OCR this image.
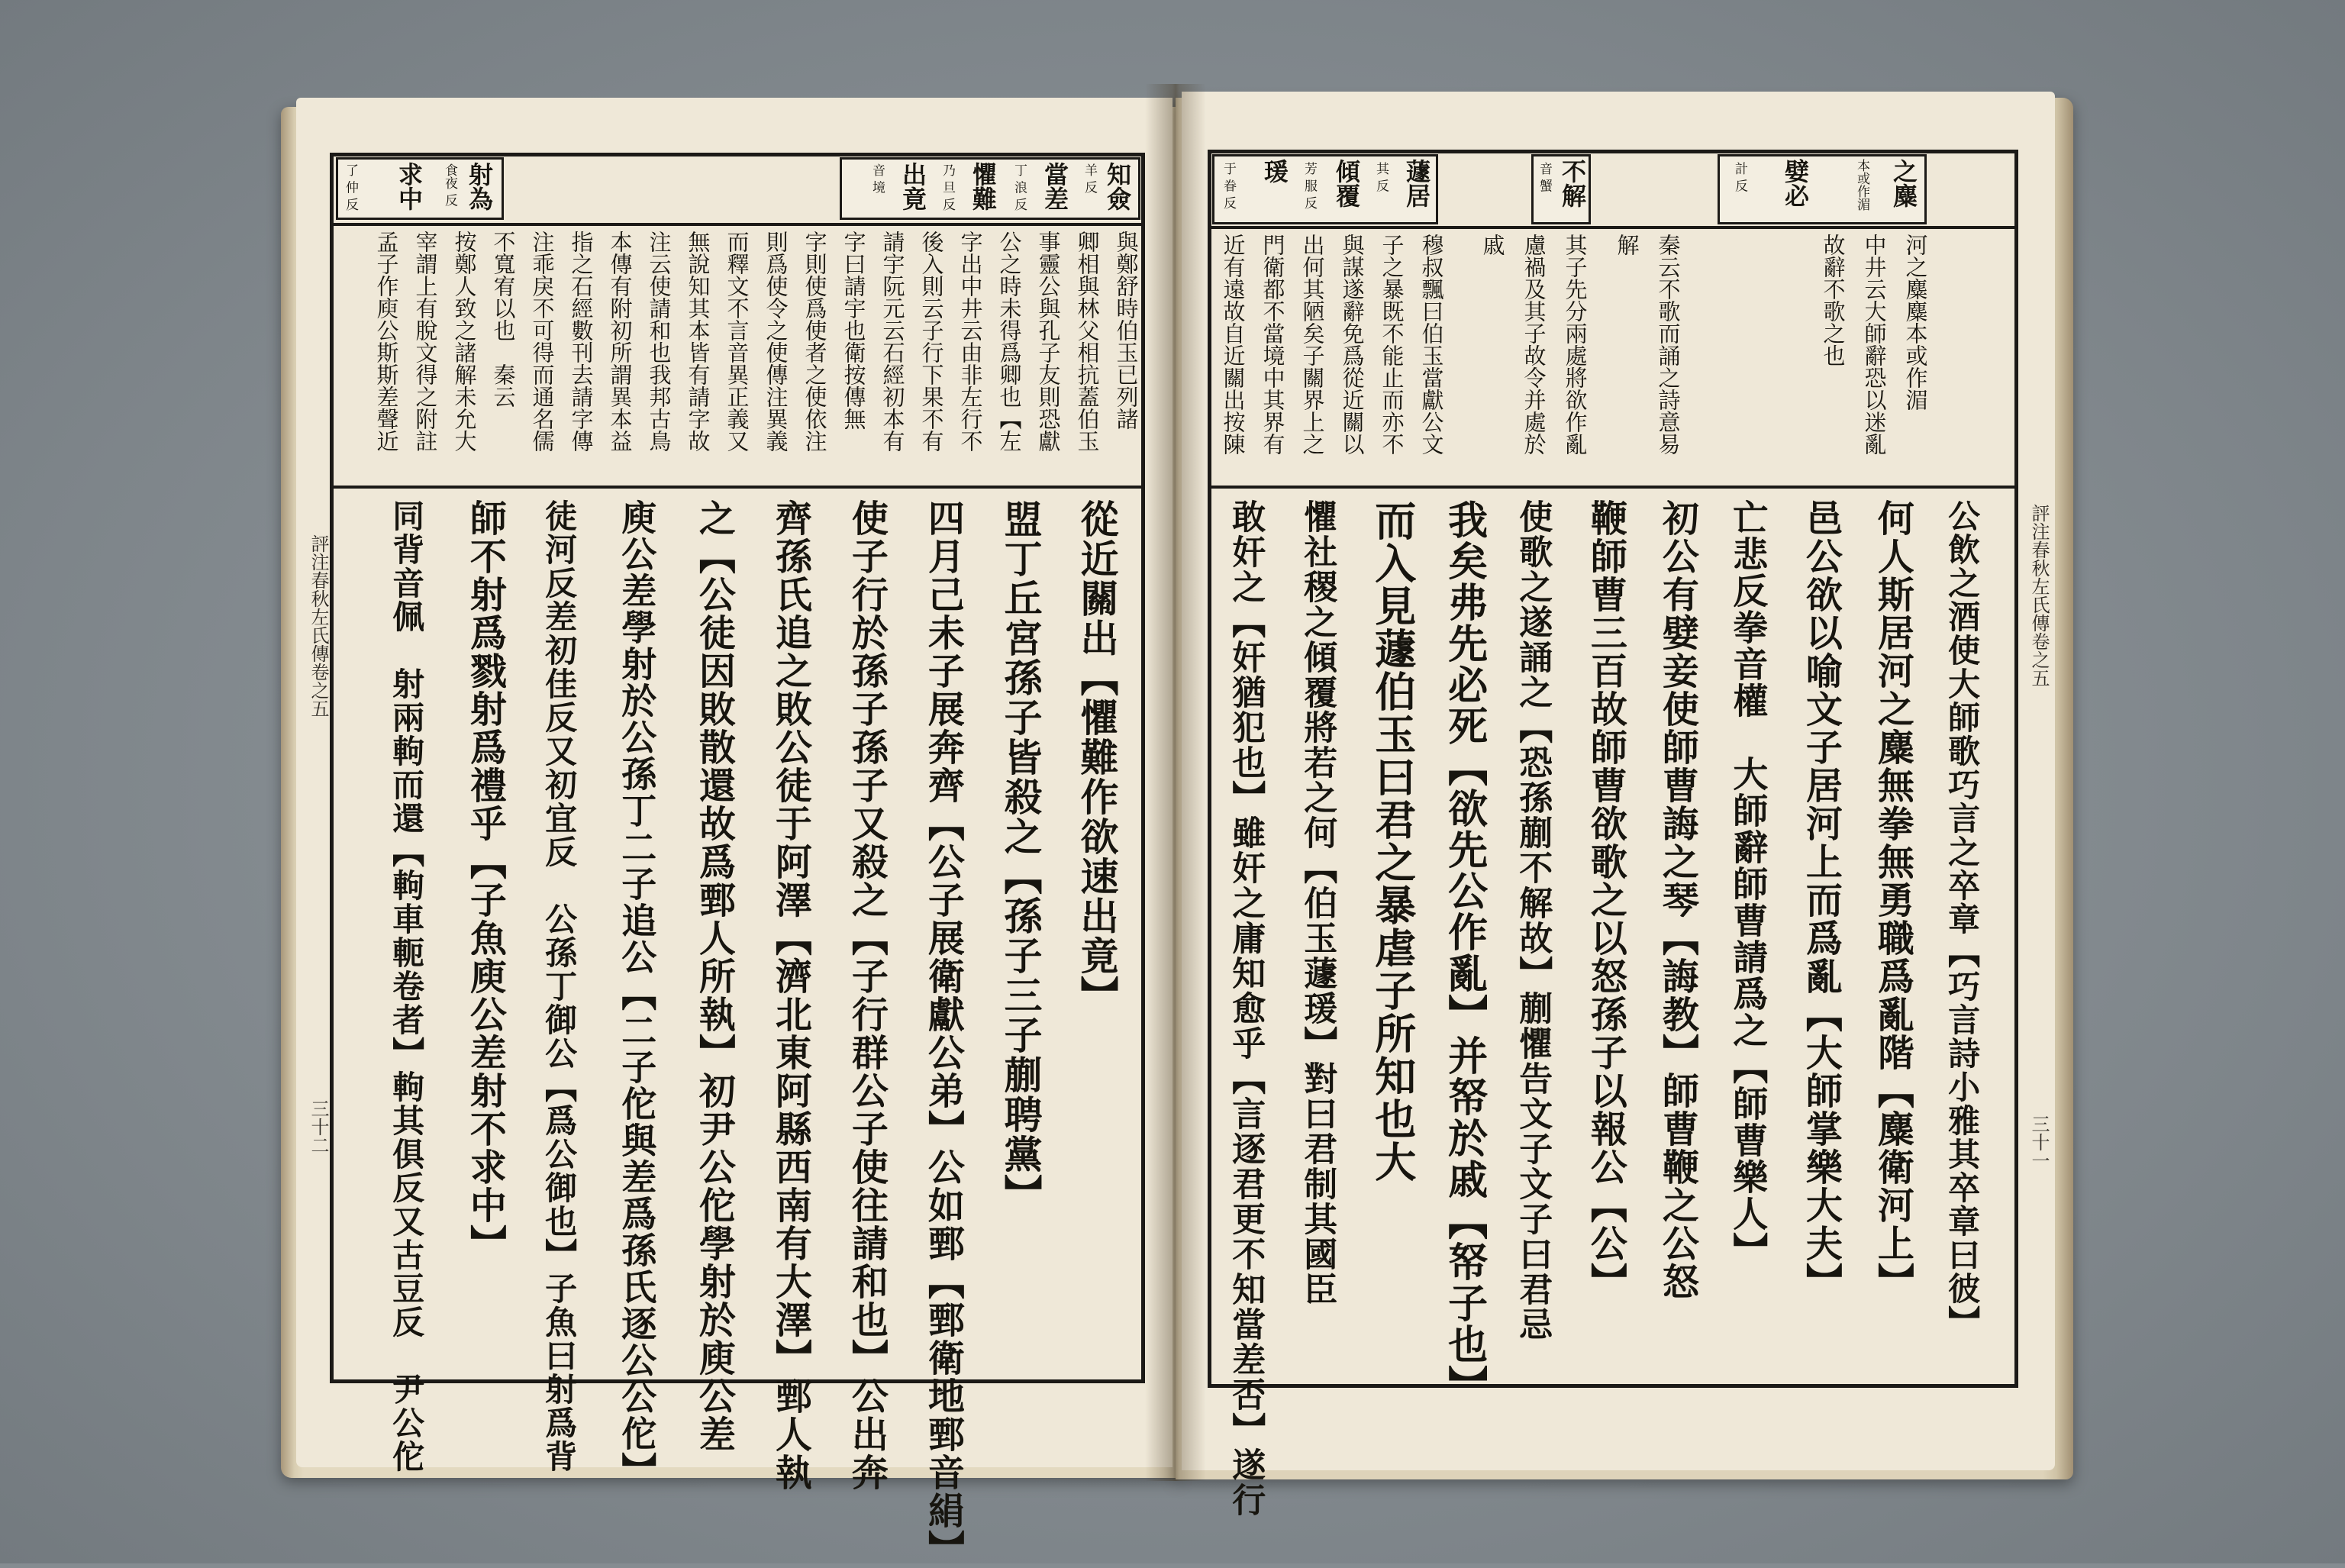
射為
食夜 反
求中
了 仲 反	知僉
羊 反
當差
丁 浪 反
懼難
乃 旦 反
出竟
音 境
與鄭舒時伯玉已列諸
卿相與林父相抗蓋伯玉
事靈公與孔子友則恐獻
公之時未得爲卿也【左
字出中井云由非左行不
後入則云子行下果不有
請宇阮元云石經初本有
字曰請宇也衛按傳無
字則使爲使者之使依注
則爲使令之使傳注異義
而釋文不言音異正義又
無說知其本皆有請字故
注云使請和也我邦古鳥
本傳有附初所謂異本益
指之石經數刊去請字傳
注乖戾不可得而通名儒
不寬宥以也　秦云
按鄭人致之諸解未允大
宰謂上有脫文得之附註
孟子作庾公斯斯差聲近
從近關出【懼難作欲速出竟】
盟丁丘宮孫子皆殺之【孫子三子蒯聘黨】
四月己未子展奔齊【公子展衛獻公弟】公如鄄【鄄衛地鄄音絹】
使子行於孫子孫子又殺之【子行群公子使往請和也】公出奔
齊孫氏追之敗公徒于阿澤【濟北東阿縣西南有大澤】鄄人執
之【公徒因敗散還故爲鄄人所執】初尹公佗學射於庾公差
庾公差學射於公孫丁二子追公【二子佗與差爲孫氏逐公公佗】
徒河反差初佳反又初宜反　公孫丁御公【爲公御也】子魚曰射爲背
師不射爲戮射爲禮乎【子魚庾公差射不求中】
同背音佩　射兩軥而還【軥車軛卷者】軥其俱反又古豆反　尹公佗
評注春秋左氏傳卷之五
三十二
之麋
本或作湄
嬖必
計 反
不解
音 蟹
蘧居
其 反
傾覆
芳 服 反
瑗
于 眷 反
河之麋麋本或作湄
中井云大師辭恐以迷亂
故辭不歌之也
秦云不歌而誦之詩意易
解
其子先分兩處將欲作亂
慮禍及其子故令并處於
戚
穆叔飄曰伯玉當獻公文
子之暴既不能止而亦不
與謀遂辭免爲從近關以
出何其陋矣子關界上之
門衛都不當境中其界有
近有遠故自近關出按陳
公飲之酒使大師歌巧言之卒章【巧言詩小雅其卒章曰彼】
何人斯居河之麋無拳無勇職爲亂階【麋衛河上】
邑公欲以喻文子居河上而爲亂【大師掌樂大夫】
亡悲反拳音權　大師辭師曹請爲之【師曹樂人】
初公有嬖妾使師曹誨之琴【誨教】師曹鞭之公怒
鞭師曹三百故師曹欲歌之以怒孫子以報公【公】
使歌之遂誦之【恐孫蒯不解故】蒯懼告文子文子曰君忌
我矣弗先必死【欲先公作亂】并帑於戚【帑子也】
而入見蘧伯玉曰君之暴虐子所知也大
懼社稷之傾覆將若之何【伯玉蘧瑗】對曰君制其國臣
敢奸之【奸猶犯也】雖奸之庸知愈乎【言逐君更不知當差否】遂行	評注春秋左氏傳卷之五
三十一
